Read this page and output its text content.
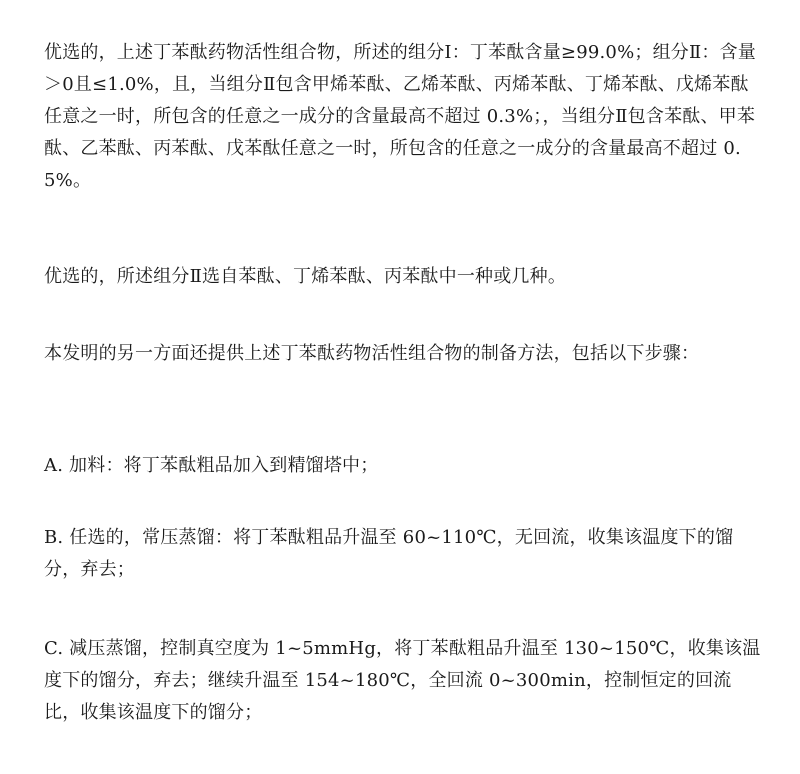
优选的，上述丁苯酞药物活性组合物，所述的组分Ⅰ：丁苯酞含量≥99.0%；组分Ⅱ：含量＞0且≤1.0%，且，当组分Ⅱ包含甲烯苯酞、乙烯苯酞、丙烯苯酞、丁烯苯酞、戊烯苯酞任意之一时，所包含的任意之一成分的含量最高不超过 0.3%；，当组分Ⅱ包含苯酞、甲苯酞、乙苯酞、丙苯酞、戊苯酞任意之一时，所包含的任意之一成分的含量最高不超过 0.5%。

优选的，所述组分Ⅱ选自苯酞、丁烯苯酞、丙苯酞中一种或几种。

本发明的另一方面还提供上述丁苯酞药物活性组合物的制备方法，包括以下步骤：

A. 加料：将丁苯酞粗品加入到精馏塔中；

B. 任选的，常压蒸馏：将丁苯酞粗品升温至 60~110℃，无回流，收集该温度下的馏分，弃去；

C. 减压蒸馏，控制真空度为 1~5mmHg，将丁苯酞粗品升温至 130~150℃，收集该温度下的馏分，弃去；继续升温至 154~180℃，全回流 0~300min，控制恒定的回流比，收集该温度下的馏分；
